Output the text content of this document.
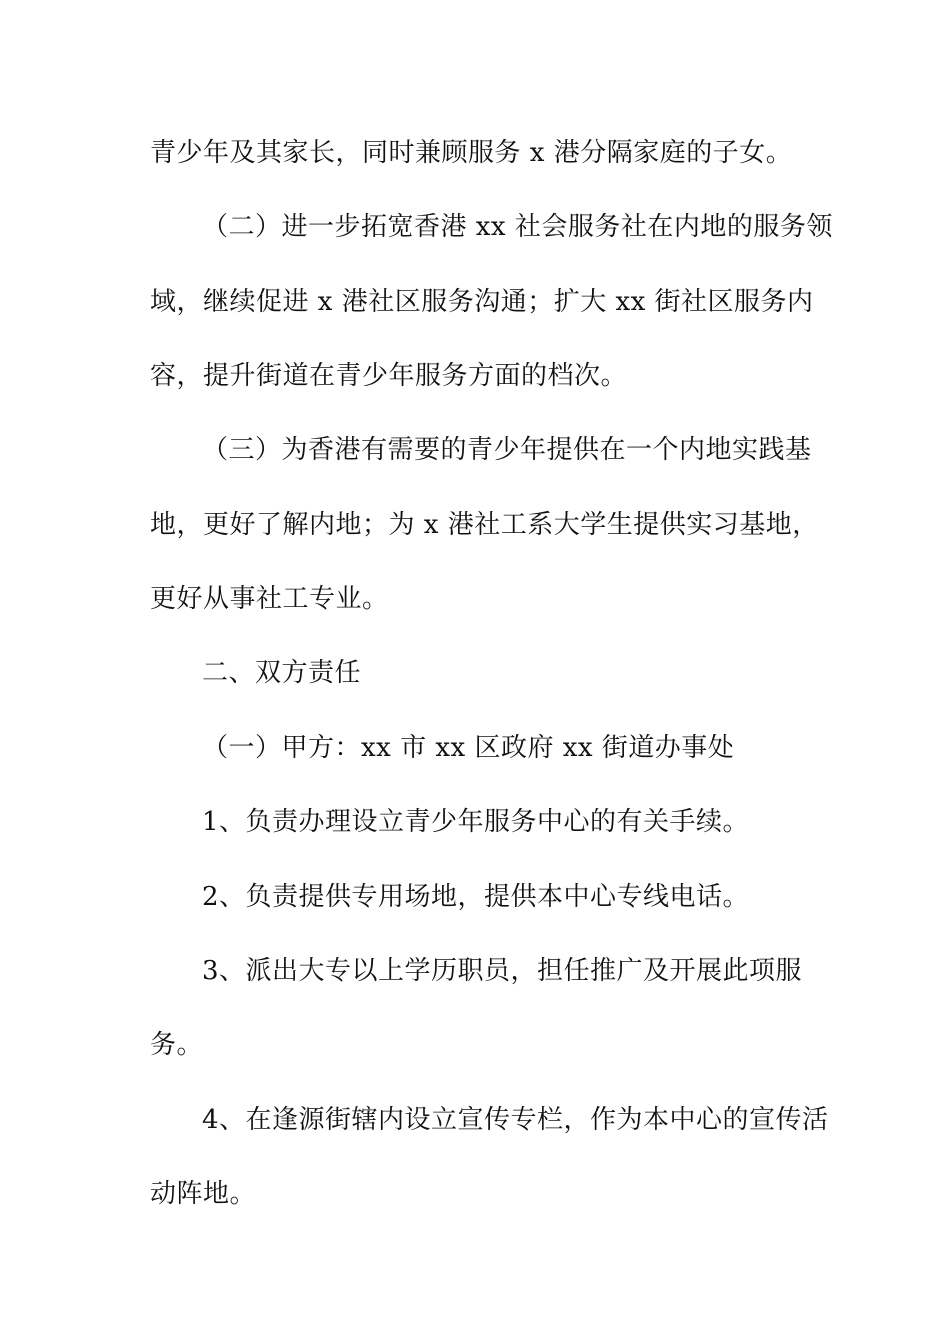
青少年及其家长，同时兼顾服务 x 港分隔家庭的子女。
（二）进一步拓宽香港 xx 社会服务社在内地的服务领
域，继续促进 x 港社区服务沟通；扩大 xx 街社区服务内
容，提升街道在青少年服务方面的档次。
（三）为香港有需要的青少年提供在一个内地实践基
地，更好了解内地；为 x 港社工系大学生提供实习基地，
更好从事社工专业。
二、双方责任
（一）甲方：xx 市 xx 区政府 xx 街道办事处
1、负责办理设立青少年服务中心的有关手续。
2、负责提供专用场地，提供本中心专线电话。
3、派出大专以上学历职员，担任推广及开展此项服
务。
4、在逢源街辖内设立宣传专栏，作为本中心的宣传活
动阵地。
